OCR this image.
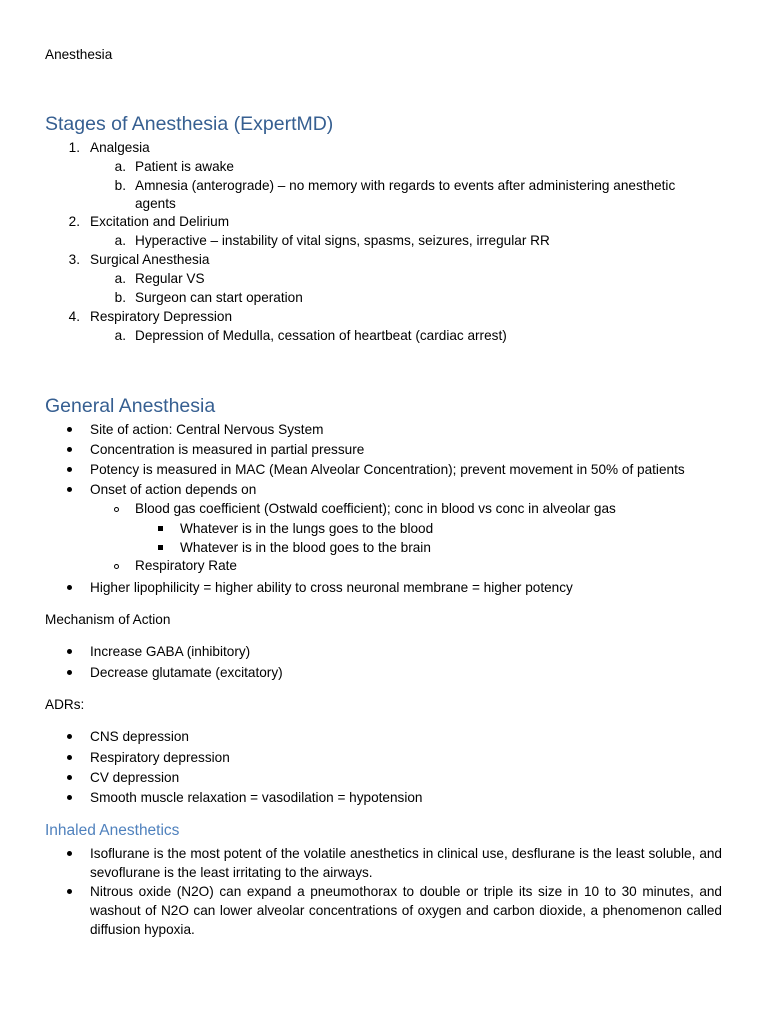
Anesthesia
Stages of Anesthesia (ExpertMD)
1. Analgesia
a. Patient is awake
b. Amnesia (anterograde) – no memory with regards to events after administering anesthetic
agents
2. Excitation and Delirium
a. Hyperactive – instability of vital signs, spasms, seizures, irregular RR
3. Surgical Anesthesia
a. Regular VS
b. Surgeon can start operation
4. Respiratory Depression
a. Depression of Medulla, cessation of heartbeat (cardiac arrest)
General Anesthesia
Site of action: Central Nervous System
Concentration is measured in partial pressure
Potency is measured in MAC (Mean Alveolar Concentration); prevent movement in 50% of patients
Onset of action depends on
Blood gas coefficient (Ostwald coefficient); conc in blood vs conc in alveolar gas
Whatever is in the lungs goes to the blood
Whatever is in the blood goes to the brain
Respiratory Rate
Higher lipophilicity = higher ability to cross neuronal membrane = higher potency
Mechanism of Action
Increase GABA (inhibitory)
Decrease glutamate (excitatory)
ADRs:
CNS depression
Respiratory depression
CV depression
Smooth muscle relaxation = vasodilation = hypotension
Inhaled Anesthetics
Isoflurane is the most potent of the volatile anesthetics in clinical use, desflurane is the least soluble, and sevoflurane is the least irritating to the airways.
Nitrous oxide (N2O) can expand a pneumothorax to double or triple its size in 10 to 30 minutes, and washout of N2O can lower alveolar concentrations of oxygen and carbon dioxide, a phenomenon called diffusion hypoxia.
